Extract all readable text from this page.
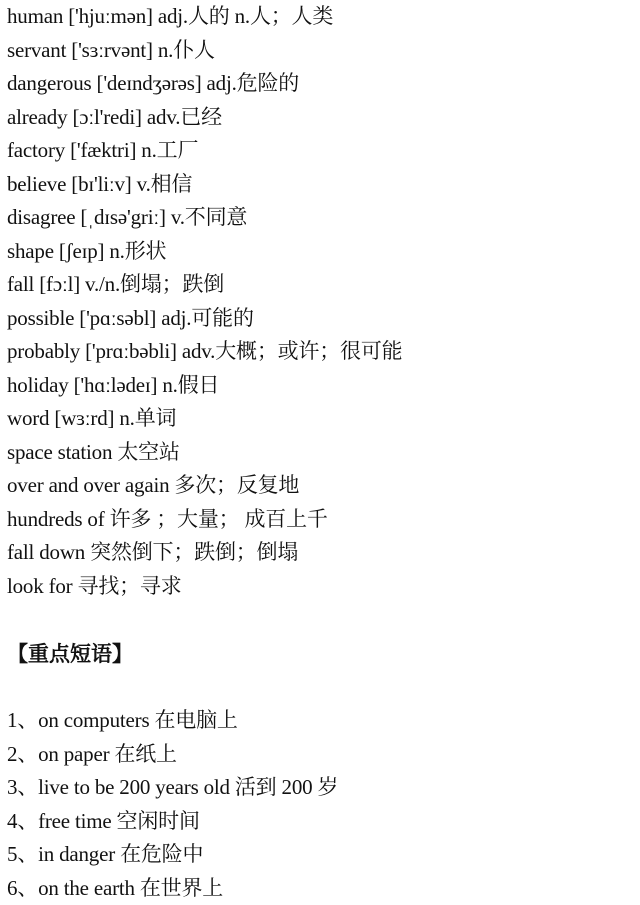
human ['hjuːmən] adj.人的 n.人；人类
servant ['sɜːrvənt] n.仆人
dangerous ['deɪndʒərəs] adj.危险的
already [ɔːl'redi] adv.已经
factory ['fæktri] n.工厂
believe [bɪ'liːv] v.相信
disagree [ˌdɪsə'griː] v.不同意
shape [ʃeɪp] n.形状
fall [fɔːl] v./n.倒塌；跌倒
possible ['pɑːsəbl] adj.可能的
probably ['prɑːbəbli] adv.大概；或许；很可能
holiday ['hɑːlədeɪ] n.假日
word [wɜːrd] n.单词
space station 太空站
over and over again 多次；反复地
hundreds of 许多 ；大量； 成百上千
fall down 突然倒下；跌倒；倒塌
look for 寻找；寻求
【重点短语】
1、on computers 在电脑上
2、on paper 在纸上
3、live to be 200 years old 活到 200 岁
4、free time 空闲时间
5、in danger 在危险中
6、on the earth 在世界上
